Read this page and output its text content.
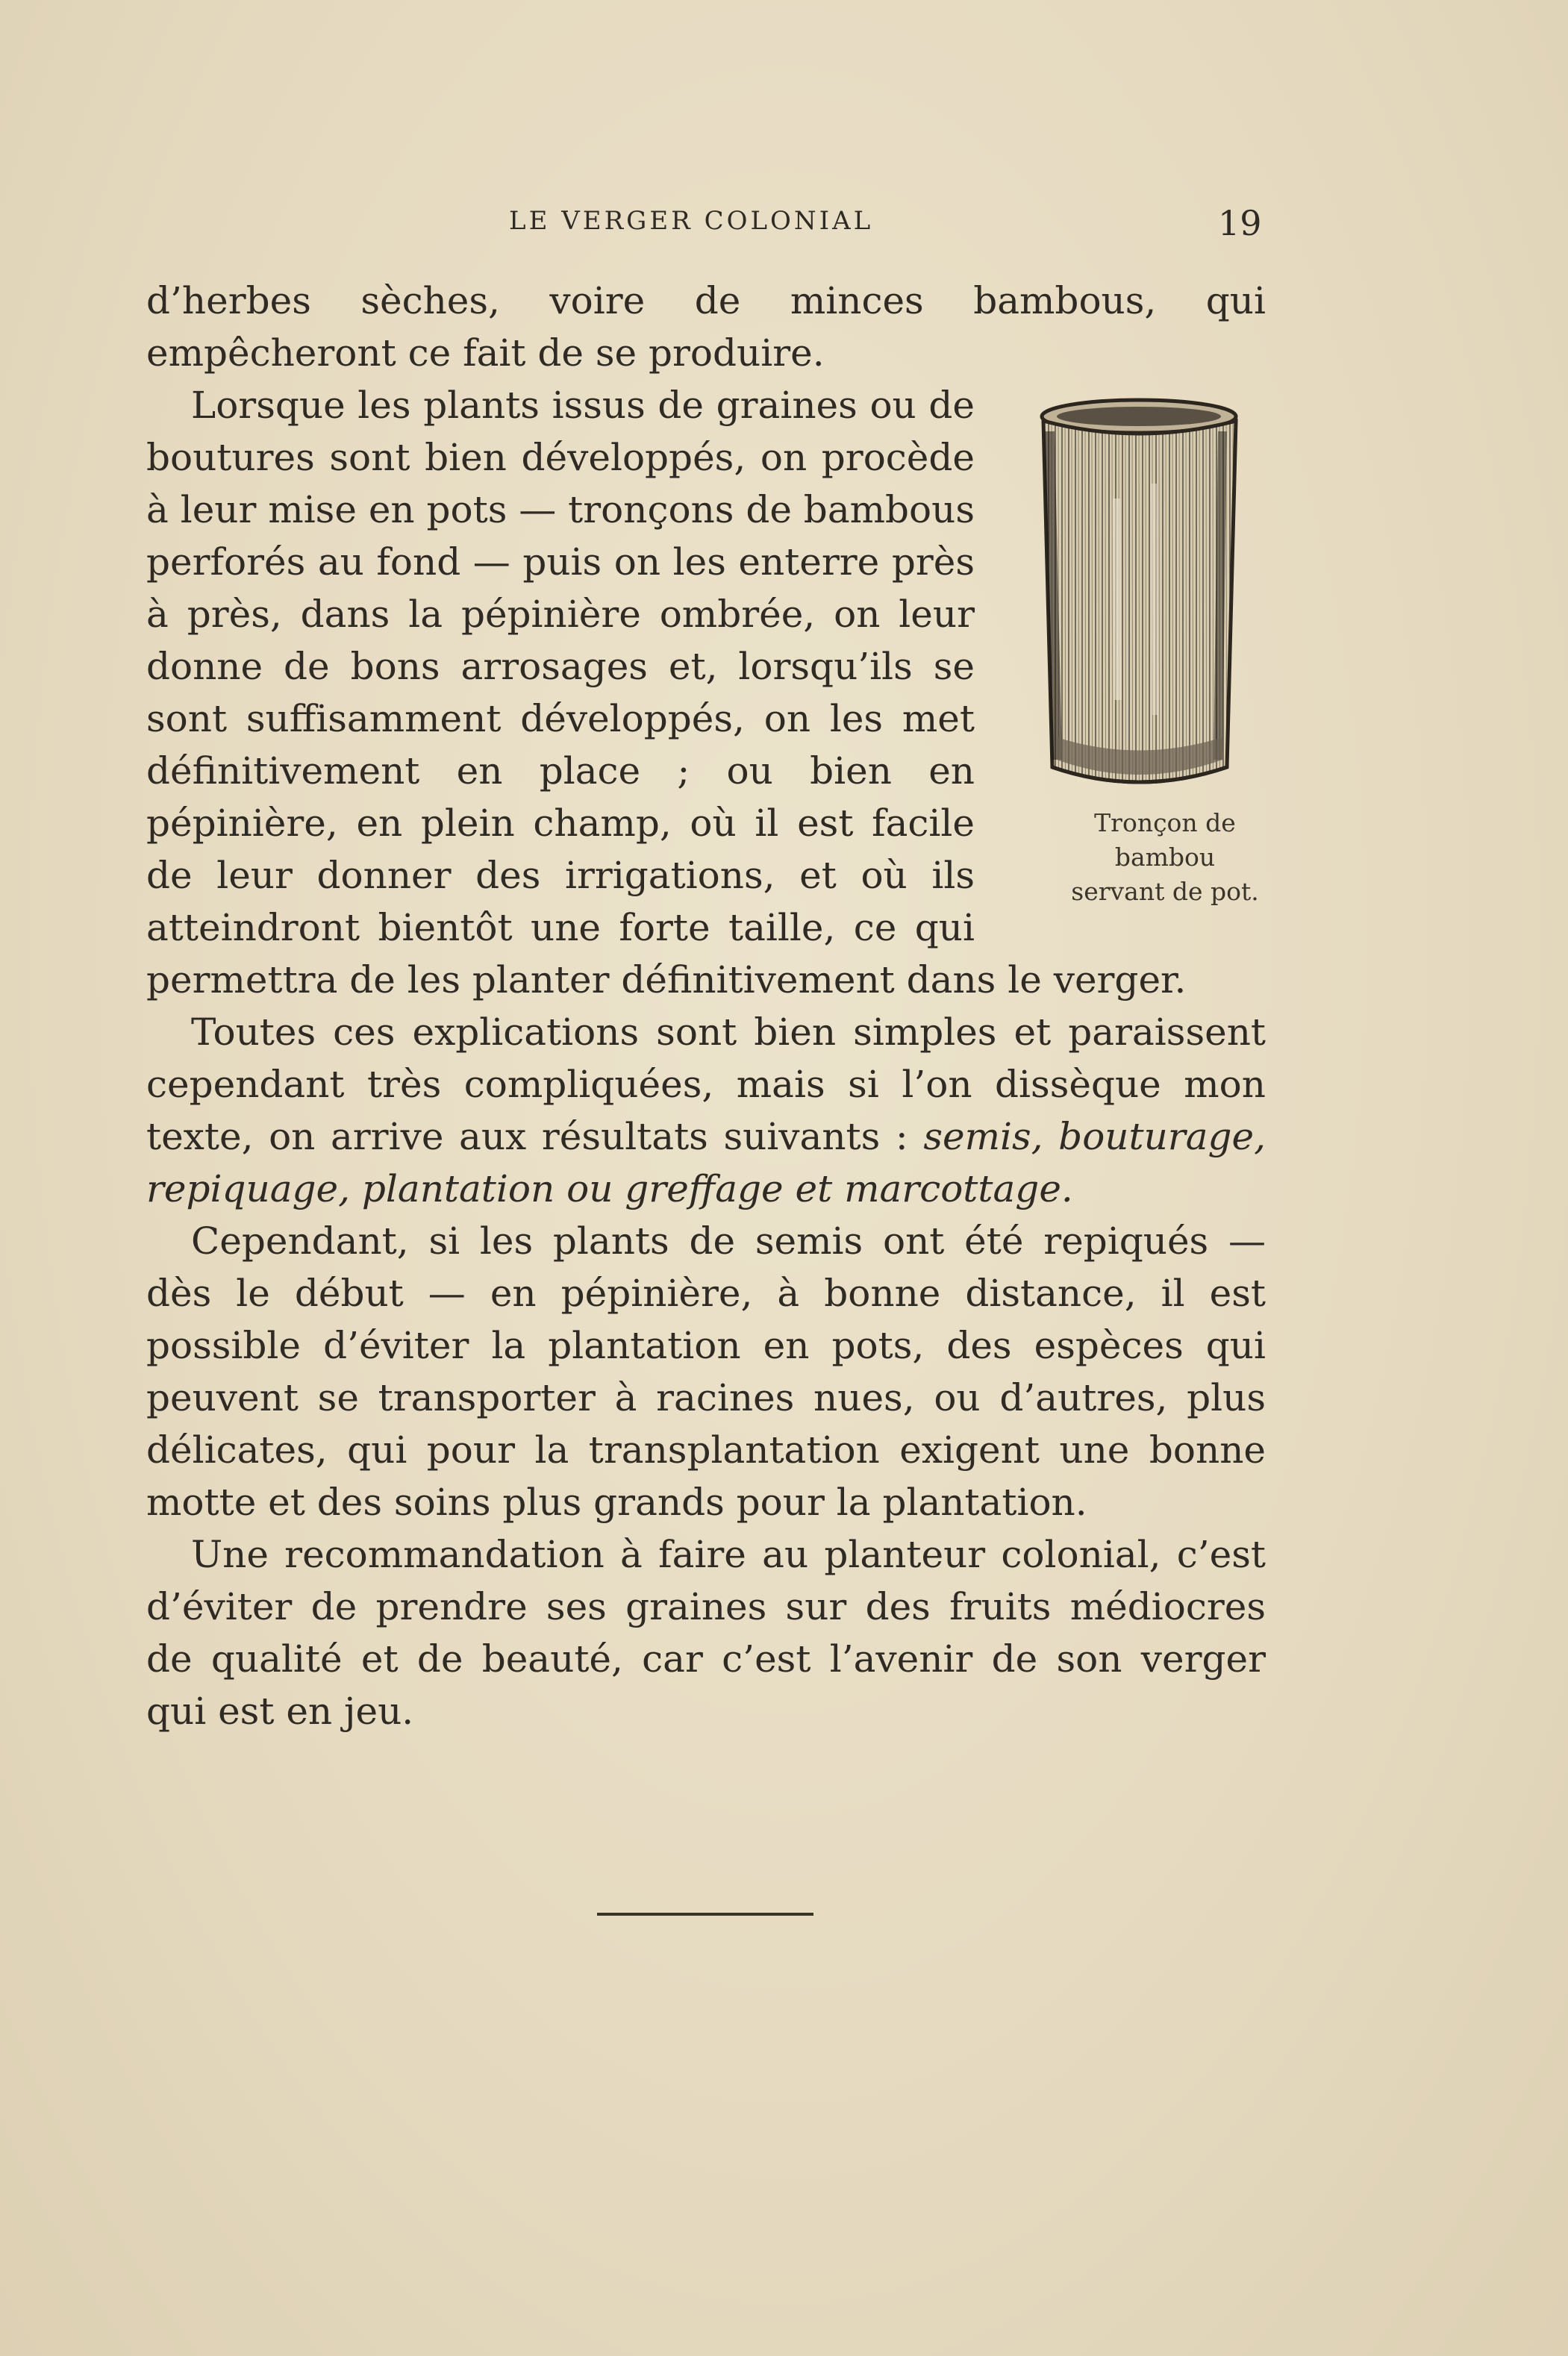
LE VERGER COLONIAL	19

d’herbes sèches, voire de minces bambous, qui empêcheront ce fait de se produire.

Tronçon de
bambou
servant de pot.
Lorsque les plants issus de graines ou de boutures sont bien développés, on procède à leur mise en pots — tronçons de bambous perforés au fond — puis on les enterre près à près, dans la pépinière ombrée, on leur donne de bons arrosages et, lorsqu’ils se sont suffisamment développés, on les met définitivement en place ; ou bien en pépinière, en plein champ, où il est facile de leur donner des irrigations, et où ils atteindront bientôt une forte taille, ce qui permettra de les planter définitivement dans le verger.

Toutes ces explications sont bien simples et paraissent cependant très compliquées, mais si l’on dissèque mon texte, on arrive aux résultats suivants : semis, bouturage, repiquage, plantation ou greffage et marcottage.

Cependant, si les plants de semis ont été repiqués — dès le début — en pépinière, à bonne distance, il est possible d’éviter la plantation en pots, des espèces qui peuvent se transporter à racines nues, ou d’autres, plus délicates, qui pour la transplantation exigent une bonne motte et des soins plus grands pour la plantation.

Une recommandation à faire au planteur colonial, c’est d’éviter de prendre ses graines sur des fruits médiocres de qualité et de beauté, car c’est l’avenir de son verger qui est en jeu.
